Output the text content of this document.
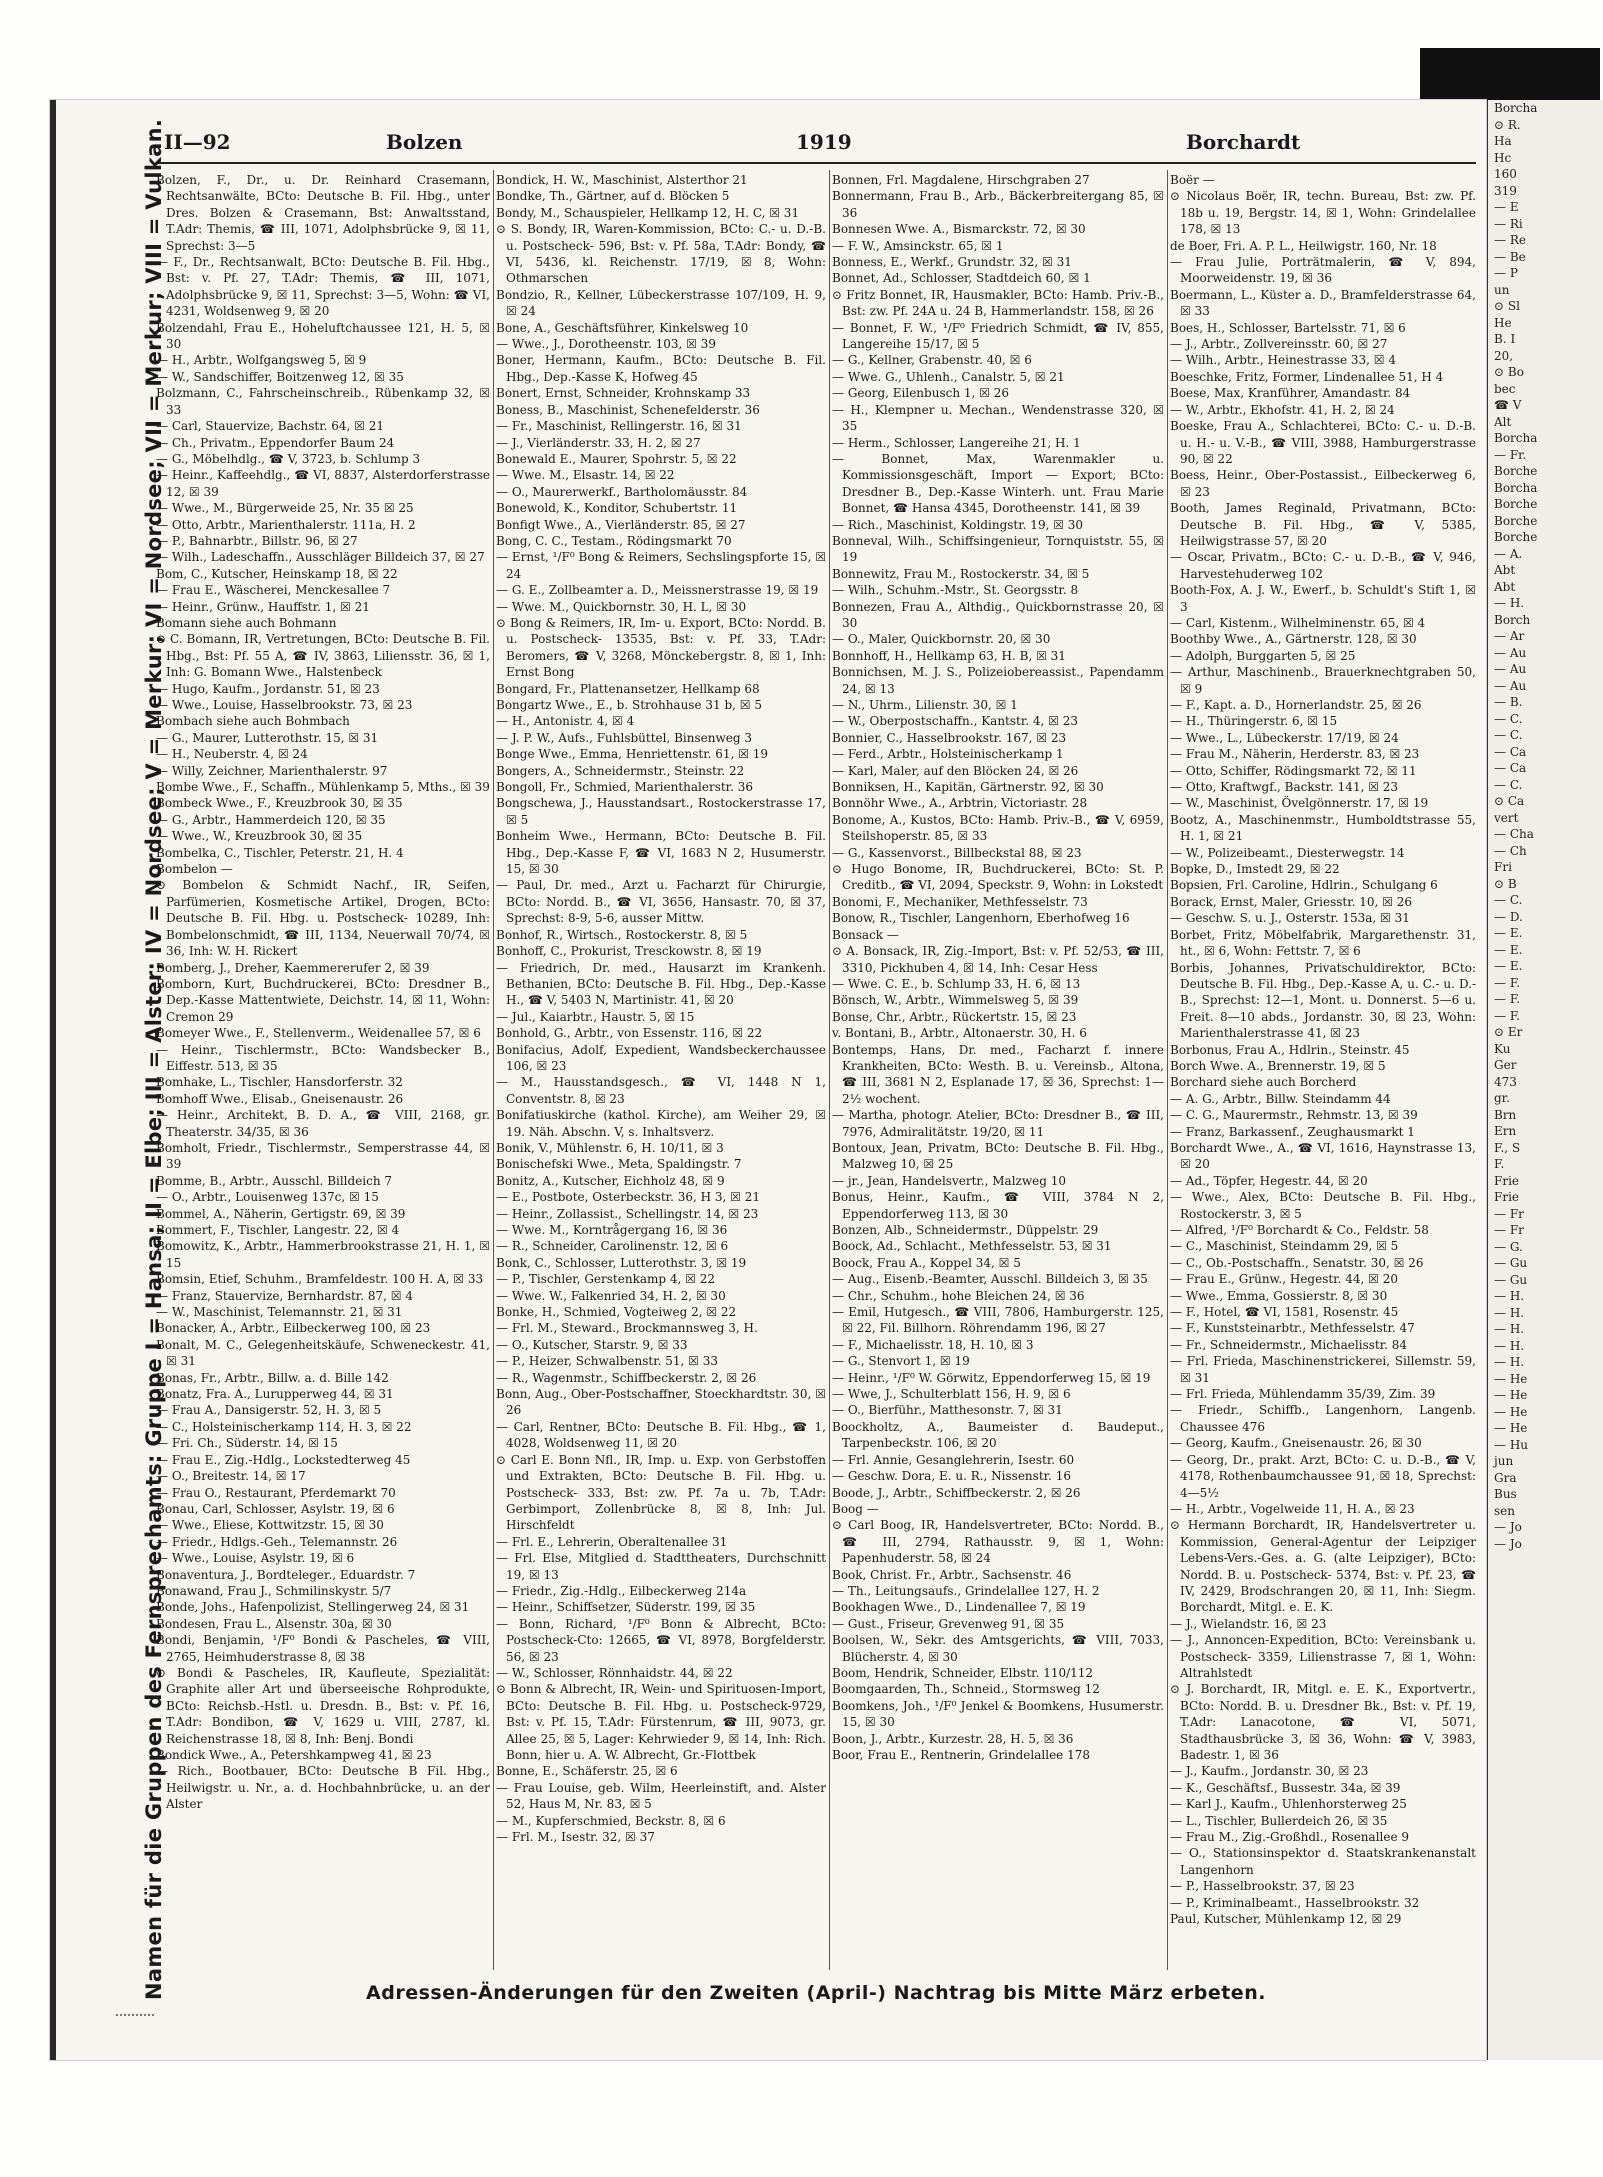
Borcha
⊙ R.
Ha
Hc
160
319
— E
— Ri
— Re
— Be
— P
un
⊙ Sl
He
B. I
20,
⊙ Bo
bec
☎ V
Alt
Borcha
— Fr.
Borche
Borcha
Borche
Borche
Borche
— A.
Abt
Abt
— H.
Borch
— Ar
— Au
— Au
— Au
— B.
— C.
— C.
— Ca
— Ca
— C.
⊙ Ca
vert
— Cha
— Ch
Fri
⊙ B
— C.
— D.
— E.
— E.
— E.
— F.
— F.
— F.
⊙ Er
Ku
Ger
473
gr.
Brn
Ern
F., S
F.
Frie
Frie
— Fr
— Fr
— G.
— Gu
— Gu
— H.
— H.
— H.
— H.
— H.
— He
— He
— He
— He
— Hu
jun
Gra
Bus
sen
— Jo
— Jo
II—92	Bolzen	1919	Borchardt
Namen für die Gruppen des Fernsprechamts: Gruppe I = Hansa; II = Elbe; III = Alster; IV = Nordsee; V = Merkur; VI = Nordsee; VII = Merkur; VIII = Vulkan.

Bolzen, F., Dr., u. Dr. Reinhard Crasemann, Rechtsanwälte, BCto: Deutsche B. Fil. Hbg., unter Dres. Bolzen & Crasemann, Bst: Anwaltsstand, T.Adr: Themis, ☎ III, 1071, Adolphsbrücke 9, ☒ 11, Sprechst: 3—5

— F., Dr., Rechtsanwalt, BCto: Deutsche B. Fil. Hbg., Bst: v. Pf. 27, T.Adr: Themis, ☎ III, 1071, Adolphsbrücke 9, ☒ 11, Sprechst: 3—5, Wohn: ☎ VI, 4231, Woldsenweg 9, ☒ 20

Bolzendahl, Frau E., Hoheluftchaussee 121, H. 5, ☒ 30

— H., Arbtr., Wolfgangsweg 5, ☒ 9

— W., Sandschiffer, Boitzenweg 12, ☒ 35

Bolzmann, C., Fahrscheinschreib., Rübenkamp 32, ☒ 33

— Carl, Stauervize, Bachstr. 64, ☒ 21

— Ch., Privatm., Eppendorfer Baum 24

— G., Möbelhdlg., ☎ V, 3723, b. Schlump 3

— Heinr., Kaffeehdlg., ☎ VI, 8837, Alsterdorferstrasse 12, ☒ 39

— Wwe., M., Bürgerweide 25, Nr. 35 ☒ 25

— Otto, Arbtr., Marienthalerstr. 111a, H. 2

— P., Bahnarbtr., Billstr. 96, ☒ 27

— Wilh., Ladeschaffn., Ausschläger Billdeich 37, ☒ 27

Bom, C., Kutscher, Heinskamp 18, ☒ 22

— Frau E., Wäscherei, Menckesallee 7

— Heinr., Grünw., Hauffstr. 1, ☒ 21

Bomann siehe auch Bohmann

⊙ C. Bomann, IR, Vertretungen, BCto: Deutsche B. Fil. Hbg., Bst: Pf. 55 A, ☎ IV, 3863, Liliensstr. 36, ☒ 1, Inh: G. Bomann Wwe., Halstenbeck

— Hugo, Kaufm., Jordanstr. 51, ☒ 23

— Wwe., Louise, Hasselbrookstr. 73, ☒ 23

Bombach siehe auch Bohmbach

— G., Maurer, Lutterothstr. 15, ☒ 31

— H., Neuberstr. 4, ☒ 24

— Willy, Zeichner, Marienthalerstr. 97

Bombe Wwe., F., Schaffn., Mühlenkamp 5, Mths., ☒ 39

Bombeck Wwe., F., Kreuzbrook 30, ☒ 35

— G., Arbtr., Hammerdeich 120, ☒ 35

— Wwe., W., Kreuzbrook 30, ☒ 35

Bombelka, C., Tischler, Peterstr. 21, H. 4

Bombelon —

⊙ Bombelon & Schmidt Nachf., IR, Seifen, Parfümerien, Kosmetische Artikel, Drogen, BCto: Deutsche B. Fil. Hbg. u. Postscheck- 10289, Inh: Bombelonschmidt, ☎ III, 1134, Neuerwall 70/74, ☒ 36, Inh: W. H. Rickert

Bomberg, J., Dreher, Kaemmererufer 2, ☒ 39

Bomborn, Kurt, Buchdruckerei, BCto: Dresdner B., Dep.-Kasse Mattentwiete, Deichstr. 14, ☒ 11, Wohn: Cremon 29

Bomeyer Wwe., F., Stellenverm., Weidenallee 57, ☒ 6

— Heinr., Tischlermstr., BCto: Wandsbecker B., Eiffestr. 513, ☒ 35

Bomhake, L., Tischler, Hansdorferstr. 32

Bomhoff Wwe., Elisab., Gneisenaustr. 26

— Heinr., Architekt, B. D. A., ☎ VIII, 2168, gr. Theaterstr. 34/35, ☒ 36

Bomholt, Friedr., Tischlermstr., Semperstrasse 44, ☒ 39

Bomme, B., Arbtr., Ausschl. Billdeich 7

— O., Arbtr., Louisenweg 137c, ☒ 15

Bommel, A., Näherin, Gertigstr. 69, ☒ 39

Bommert, F., Tischler, Langestr. 22, ☒ 4

Bomowitz, K., Arbtr., Hammerbrookstrasse 21, H. 1, ☒ 15

Bomsin, Etief, Schuhm., Bramfeldestr. 100 H. A, ☒ 33

— Franz, Stauervize, Bernhardstr. 87, ☒ 4

— W., Maschinist, Telemannstr. 21, ☒ 31

Bonacker, A., Arbtr., Eilbeckerweg 100, ☒ 23

Bonalt, M. C., Gelegenheitskäufe, Schweneckestr. 41, ☒ 31

Bonas, Fr., Arbtr., Billw. a. d. Bille 142

Bonatz, Fra. A., Lurupperweg 44, ☒ 31

— Frau A., Dansigerstr. 52, H. 3, ☒ 5

— C., Holsteinischerkamp 114, H. 3, ☒ 22

— Fri. Ch., Süderstr. 14, ☒ 15

— Frau E., Zig.-Hdlg., Lockstedterweg 45

— O., Breitestr. 14, ☒ 17

— Frau O., Restaurant, Pferdemarkt 70

Bonau, Carl, Schlosser, Asylstr. 19, ☒ 6

— Wwe., Eliese, Kottwitzstr. 15, ☒ 30

— Friedr., Hdlgs.-Geh., Telemannstr. 26

— Wwe., Louise, Asylstr. 19, ☒ 6

Bonaventura, J., Bordteleger., Eduardstr. 7

Bonawand, Frau J., Schmilinskystr. 5/7

Bonde, Johs., Hafenpolizist, Stellingerweg 24, ☒ 31

Bondesen, Frau L., Alsenstr. 30a, ☒ 30

Bondi, Benjamin, ¹/F⁰ Bondi & Pascheles, ☎ VIII, 2765, Heimhuderstrasse 8, ☒ 38

⊙ Bondi & Pascheles, IR, Kaufleute, Spezialität: Graphite aller Art und überseeische Rohprodukte, BCto: Reichsb.-Hstl. u. Dresdn. B., Bst: v. Pf. 16, T.Adr: Bondibon, ☎ V, 1629 u. VIII, 2787, kl. Reichenstrasse 18, ☒ 8, Inh: Benj. Bondi

Bondick Wwe., A., Petershkampweg 41, ☒ 23

— Rich., Bootbauer, BCto: Deutsche B Fil. Hbg., Heilwigstr. u. Nr., a. d. Hochbahnbrücke, u. an der Alster

Bondick, H. W., Maschinist, Alsterthor 21

Bondke, Th., Gärtner, auf d. Blöcken 5

Bondy, M., Schauspieler, Hellkamp 12, H. C, ☒ 31

⊙ S. Bondy, IR, Waren-Kommission, BCto: C.- u. D.-B. u. Postscheck- 596, Bst: v. Pf. 58a, T.Adr: Bondy, ☎ VI, 5436, kl. Reichenstr. 17/19, ☒ 8, Wohn: Othmarschen

Bondzio, R., Kellner, Lübeckerstrasse 107/109, H. 9, ☒ 24

Bone, A., Geschäftsführer, Kinkelsweg 10

— Wwe., J., Dorotheenstr. 103, ☒ 39

Boner, Hermann, Kaufm., BCto: Deutsche B. Fil. Hbg., Dep.-Kasse K, Hofweg 45

Bonert, Ernst, Schneider, Krohnskamp 33

Boness, B., Maschinist, Schenefelderstr. 36

— Fr., Maschinist, Rellingerstr. 16, ☒ 31

— J., Vierländerstr. 33, H. 2, ☒ 27

Bonewald E., Maurer, Spohrstr. 5, ☒ 22

— Wwe. M., Elsastr. 14, ☒ 22

— O., Maurerwerkf., Bartholomäusstr. 84

Bonewold, K., Konditor, Schubertstr. 11

Bonfigt Wwe., A., Vierländerstr. 85, ☒ 27

Bong, C. C., Testam., Rödingsmarkt 70

— Ernst, ¹/F⁰ Bong & Reimers, Sechslingspforte 15, ☒ 24

— G. E., Zollbeamter a. D., Meissnerstrasse 19, ☒ 19

— Wwe. M., Quickbornstr. 30, H. L, ☒ 30

⊙ Bong & Reimers, IR, Im- u. Export, BCto: Nordd. B. u. Postscheck- 13535, Bst: v. Pf. 33, T.Adr: Beromers, ☎ V, 3268, Mönckebergstr. 8, ☒ 1, Inh: Ernst Bong

Bongard, Fr., Plattenansetzer, Hellkamp 68

Bongartz Wwe., E., b. Strohhause 31 b, ☒ 5

— H., Antonistr. 4, ☒ 4

— J. P. W., Aufs., Fuhlsbüttel, Binsenweg 3

Bonge Wwe., Emma, Henriettenstr. 61, ☒ 19

Bongers, A., Schneidermstr., Steinstr. 22

Bongoll, Fr., Schmied, Marienthalerstr. 36

Bongschewa, J., Hausstandsart., Rostockerstrasse 17, ☒ 5

Bonheim Wwe., Hermann, BCto: Deutsche B. Fil. Hbg., Dep.-Kasse F, ☎ VI, 1683 N 2, Husumerstr. 15, ☒ 30

— Paul, Dr. med., Arzt u. Facharzt für Chirurgie, BCto: Nordd. B., ☎ VI, 3656, Hansastr. 70, ☒ 37, Sprechst: 8-9, 5-6, ausser Mittw.

Bonhof, R., Wirtsch., Rostockerstr. 8, ☒ 5

Bonhoff, C., Prokurist, Tresckowstr. 8, ☒ 19

— Friedrich, Dr. med., Hausarzt im Krankenh. Bethanien, BCto: Deutsche B. Fil. Hbg., Dep.-Kasse H., ☎ V, 5403 N, Martinistr. 41, ☒ 20

— Jul., Kaiarbtr., Haustr. 5, ☒ 15

Bonhold, G., Arbtr., von Essenstr. 116, ☒ 22

Bonifacius, Adolf, Expedient, Wandsbeckerchaussee 106, ☒ 23

— M., Hausstandsgesch., ☎ VI, 1448 N 1, Conventstr. 8, ☒ 23

Bonifatiuskirche (kathol. Kirche), am Weiher 29, ☒ 19. Näh. Abschn. V, s. Inhaltsverz.

Bonik, V., Mühlenstr. 6, H. 10/11, ☒ 3

Bonischefski Wwe., Meta, Spaldingstr. 7

Bonitz, A., Kutscher, Eichholz 48, ☒ 9

— E., Postbote, Osterbeckstr. 36, H 3, ☒ 21

— Heinr., Zollassist., Schellingstr. 14, ☒ 23

— Wwe. M., Korntrågergang 16, ☒ 36

— R., Schneider, Carolinenstr. 12, ☒ 6

Bonk, C., Schlosser, Lutterothstr. 3, ☒ 19

— P., Tischler, Gerstenkamp 4, ☒ 22

— Wwe. W., Falkenried 34, H. 2, ☒ 30

Bonke, H., Schmied, Vogteiweg 2, ☒ 22

— Frl. M., Steward., Brockmannsweg 3, H.

— O., Kutscher, Starstr. 9, ☒ 33

— P., Heizer, Schwalbenstr. 51, ☒ 33

— R., Wagenmstr., Schiffbeckerstr. 2, ☒ 26

Bonn, Aug., Ober-Postschaffner, Stoeckhardtstr. 30, ☒ 26

— Carl, Rentner, BCto: Deutsche B. Fil. Hbg., ☎ 1, 4028, Woldsenweg 11, ☒ 20

⊙ Carl E. Bonn Nfl., IR, Imp. u. Exp. von Gerbstoffen und Extrakten, BCto: Deutsche B. Fil. Hbg. u. Postscheck- 333, Bst: zw. Pf. 7a u. 7b, T.Adr: Gerbimport, Zollenbrücke 8, ☒ 8, Inh: Jul. Hirschfeldt

— Frl. E., Lehrerin, Oberaltenallee 31

— Frl. Else, Mitglied d. Stadttheaters, Durchschnitt 19, ☒ 13

— Friedr., Zig.-Hdlg., Eilbeckerweg 214a

— Heinr., Schiffsetzer, Süderstr. 199, ☒ 35

— Bonn, Richard, ¹/F⁰ Bonn & Albrecht, BCto: Postscheck-Cto: 12665, ☎ VI, 8978, Borgfelderstr. 56, ☒ 23

— W., Schlosser, Rönnhaidstr. 44, ☒ 22

⊙ Bonn & Albrecht, IR, Wein- und Spirituosen-Import, BCto: Deutsche B. Fil. Hbg. u. Postscheck-9729, Bst: v. Pf. 15, T.Adr: Fürstenrum, ☎ III, 9073, gr. Allee 25, ☒ 5, Lager: Kehrwieder 9, ☒ 14, Inh: Rich. Bonn, hier u. A. W. Albrecht, Gr.-Flottbek

Bonne, E., Schäferstr. 25, ☒ 6

— Frau Louise, geb. Wilm, Heerleinstift, and. Alster 52, Haus M, Nr. 83, ☒ 5

— M., Kupferschmied, Beckstr. 8, ☒ 6

— Frl. M., Isestr. 32, ☒ 37

Bonnen, Frl. Magdalene, Hirschgraben 27

Bonnermann, Frau B., Arb., Bäckerbreitergang 85, ☒ 36

Bonnesen Wwe. A., Bismarckstr. 72, ☒ 30

— F. W., Amsinckstr. 65, ☒ 1

Bonness, E., Werkf., Grundstr. 32, ☒ 31

Bonnet, Ad., Schlosser, Stadtdeich 60, ☒ 1

⊙ Fritz Bonnet, IR, Hausmakler, BCto: Hamb. Priv.-B., Bst: zw. Pf. 24A u. 24 B, Hammerlandstr. 158, ☒ 26

— Bonnet, F. W., ¹/F⁰ Friedrich Schmidt, ☎ IV, 855, Langereihe 15/17, ☒ 5

— G., Kellner, Grabenstr. 40, ☒ 6

— Wwe. G., Uhlenh., Canalstr. 5, ☒ 21

— Georg, Eilenbusch 1, ☒ 26

— H., Klempner u. Mechan., Wendenstrasse 320, ☒ 35

— Herm., Schlosser, Langereihe 21, H. 1

— Bonnet, Max, Warenmakler u. Kommissionsgeschäft, Import — Export, BCto: Dresdner B., Dep.-Kasse Winterh. unt. Frau Marie Bonnet, ☎ Hansa 4345, Dorotheenstr. 141, ☒ 39

— Rich., Maschinist, Koldingstr. 19, ☒ 30

Bonneval, Wilh., Schiffsingenieur, Tornquiststr. 55, ☒ 19

Bonnewitz, Frau M., Rostockerstr. 34, ☒ 5

— Wilh., Schuhm.-Mstr., St. Georgsstr. 8

Bonnezen, Frau A., Althdig., Quickbornstrasse 20, ☒ 30

— O., Maler, Quickbornstr. 20, ☒ 30

Bonnhoff, H., Hellkamp 63, H. B, ☒ 31

Bonnichsen, M. J. S., Polizeiobereassist., Papendamm 24, ☒ 13

— N., Uhrm., Lilienstr. 30, ☒ 1

— W., Oberpostschaffn., Kantstr. 4, ☒ 23

Bonnier, C., Hasselbrookstr. 167, ☒ 23

— Ferd., Arbtr., Holsteinischerkamp 1

— Karl, Maler, auf den Blöcken 24, ☒ 26

Bonniksen, H., Kapitän, Gärtnerstr. 92, ☒ 30

Bonnöhr Wwe., A., Arbtrin, Victoriastr. 28

Bonome, A., Kustos, BCto: Hamb. Priv.-B., ☎ V, 6959, Steilshoperstr. 85, ☒ 33

— G., Kassenvorst., Billbeckstal 88, ☒ 23

⊙ Hugo Bonome, IR, Buchdruckerei, BCto: St. P. Creditb., ☎ VI, 2094, Speckstr. 9, Wohn: in Lokstedt

Bonomi, F., Mechaniker, Methfesselstr. 73

Bonow, R., Tischler, Langenhorn, Eberhofweg 16

Bonsack —

⊙ A. Bonsack, IR, Zig.-Import, Bst: v. Pf. 52/53, ☎ III, 3310, Pickhuben 4, ☒ 14, Inh: Cesar Hess

— Wwe. C. E., b. Schlump 33, H. 6, ☒ 13

Bönsch, W., Arbtr., Wimmelsweg 5, ☒ 39

Bonse, Chr., Arbtr., Rückertstr. 15, ☒ 23

v. Bontani, B., Arbtr., Altonaerstr. 30, H. 6

Bontemps, Hans, Dr. med., Facharzt f. innere Krankheiten, BCto: Westh. B. u. Vereinsb., Altona, ☎ III, 3681 N 2, Esplanade 17, ☒ 36, Sprechst: 1—2½ wochent.

— Martha, photogr. Atelier, BCto: Dresdner B., ☎ III, 7976, Admiralitätstr. 19/20, ☒ 11

Bontoux, Jean, Privatm, BCto: Deutsche B. Fil. Hbg., Malzweg 10, ☒ 25

— jr., Jean, Handelsvertr., Malzweg 10

Bonus, Heinr., Kaufm., ☎ VIII, 3784 N 2, Eppendorferweg 113, ☒ 30

Bonzen, Alb., Schneidermstr., Düppelstr. 29

Boock, Ad., Schlacht., Methfesselstr. 53, ☒ 31

Boock, Frau A., Koppel 34, ☒ 5

— Aug., Eisenb.-Beamter, Ausschl. Billdeich 3, ☒ 35

— Chr., Schuhm., hohe Bleichen 24, ☒ 36

— Emil, Hutgesch., ☎ VIII, 7806, Hamburgerstr. 125, ☒ 22, Fil. Billhorn. Röhrendamm 196, ☒ 27

— F., Michaelisstr. 18, H. 10, ☒ 3

— G., Stenvort 1, ☒ 19

— Heinr., ¹/F⁰ W. Görwitz, Eppendorferweg 15, ☒ 19

— Wwe, J., Schulterblatt 156, H. 9, ☒ 6

— O., Bierführ., Matthesonstr. 7, ☒ 31

Boockholtz, A., Baumeister d. Baudeput., Tarpenbeckstr. 106, ☒ 20

— Frl. Annie, Gesanglehrerin, Isestr. 60

— Geschw. Dora, E. u. R., Nissenstr. 16

Boode, J., Arbtr., Schiffbeckerstr. 2, ☒ 26

Boog —

⊙ Carl Boog, IR, Handelsvertreter, BCto: Nordd. B., ☎ III, 2794, Rathausstr. 9, ☒ 1, Wohn: Papenhuderstr. 58, ☒ 24

Book, Christ. Fr., Arbtr., Sachsenstr. 46

— Th., Leitungsaufs., Grindelallee 127, H. 2

Bookhagen Wwe., D., Lindenallee 7, ☒ 19

— Gust., Friseur, Grevenweg 91, ☒ 35

Boolsen, W., Sekr. des Amtsgerichts, ☎ VIII, 7033, Blücherstr. 4, ☒ 30

Boom, Hendrik, Schneider, Elbstr. 110/112

Boomgaarden, Th., Schneid., Stormsweg 12

Boomkens, Joh., ¹/F⁰ Jenkel & Boomkens, Husumerstr. 15, ☒ 30

Boon, J., Arbtr., Kurzestr. 28, H. 5, ☒ 36

Boor, Frau E., Rentnerin, Grindelallee 178

Boër —

⊙ Nicolaus Boër, IR, techn. Bureau, Bst: zw. Pf. 18b u. 19, Bergstr. 14, ☒ 1, Wohn: Grindelallee 178, ☒ 13

de Boer, Fri. A. P. L., Heilwigstr. 160, Nr. 18

— Frau Julie, Porträtmalerin, ☎ V, 894, Moorweidenstr. 19, ☒ 36

Boermann, L., Küster a. D., Bramfelderstrasse 64, ☒ 33

Boes, H., Schlosser, Bartelsstr. 71, ☒ 6

— J., Arbtr., Zollvereinsstr. 60, ☒ 27

— Wilh., Arbtr., Heinestrasse 33, ☒ 4

Boeschke, Fritz, Former, Lindenallee 51, H 4

Boese, Max, Kranführer, Amandastr. 84

— W., Arbtr., Ekhofstr. 41, H. 2, ☒ 24

Boeske, Frau A., Schlachterei, BCto: C.- u. D.-B. u. H.- u. V.-B., ☎ VIII, 3988, Hamburgerstrasse 90, ☒ 22

Boess, Heinr., Ober-Postassist., Eilbeckerweg 6, ☒ 23

Booth, James Reginald, Privatmann, BCto: Deutsche B. Fil. Hbg., ☎ V, 5385, Heilwigstrasse 57, ☒ 20

— Oscar, Privatm., BCto: C.- u. D.-B., ☎ V, 946, Harvestehuderweg 102

Booth-Fox, A. J. W., Ewerf., b. Schuldt's Stift 1, ☒ 3

— Carl, Kistenm., Wilhelminenstr. 65, ☒ 4

Boothby Wwe., A., Gärtnerstr. 128, ☒ 30

— Adolph, Burggarten 5, ☒ 25

— Arthur, Maschinenb., Brauerknechtgraben 50, ☒ 9

— F., Kapt. a. D., Hornerlandstr. 25, ☒ 26

— H., Thüringerstr. 6, ☒ 15

— Wwe., L., Lübeckerstr. 17/19, ☒ 24

— Frau M., Näherin, Herderstr. 83, ☒ 23

— Otto, Schiffer, Rödingsmarkt 72, ☒ 11

— Otto, Kraftwgf., Backstr. 141, ☒ 23

— W., Maschinist, Övelgönnerstr. 17, ☒ 19

Bootz, A., Maschinenmstr., Humboldtstrasse 55, H. 1, ☒ 21

— W., Polizeibeamt., Diesterwegstr. 14

Bopke, D., Imstedt 29, ☒ 22

Bopsien, Frl. Caroline, Hdlrin., Schulgang 6

Borack, Ernst, Maler, Griesstr. 10, ☒ 26

— Geschw. S. u. J., Osterstr. 153a, ☒ 31

Borbet, Fritz, Möbelfabrik, Margarethenstr. 31, ht., ☒ 6, Wohn: Fettstr. 7, ☒ 6

Borbis, Johannes, Privatschuldirektor, BCto: Deutsche B. Fil. Hbg., Dep.-Kasse A, u. C.- u. D.-B., Sprechst: 12—1, Mont. u. Donnerst. 5—6 u. Freit. 8—10 abds., Jordanstr. 30, ☒ 23, Wohn: Marienthalerstrasse 41, ☒ 23

Borbonus, Frau A., Hdlrin., Steinstr. 45

Borch Wwe. A., Brennerstr. 19, ☒ 5

Borchard siehe auch Borcherd

— A. G., Arbtr., Billw. Steindamm 44

— C. G., Maurermstr., Rehmstr. 13, ☒ 39

— Franz, Barkassenf., Zeughausmarkt 1

Borchardt Wwe., A., ☎ VI, 1616, Haynstrasse 13, ☒ 20

— Ad., Töpfer, Hegestr. 44, ☒ 20

— Wwe., Alex, BCto: Deutsche B. Fil. Hbg., Rostockerstr. 3, ☒ 5

— Alfred, ¹/F⁰ Borchardt & Co., Feldstr. 58

— C., Maschinist, Steindamm 29, ☒ 5

— C., Ob.-Postschaffn., Senatstr. 30, ☒ 26

— Frau E., Grünw., Hegestr. 44, ☒ 20

— Wwe., Emma, Gossierstr. 8, ☒ 30

— F., Hotel, ☎ VI, 1581, Rosenstr. 45

— F., Kunststeinarbtr., Methfesselstr. 47

— Fr., Schneidermstr., Michaelisstr. 84

— Frl. Frieda, Maschinenstrickerei, Sillemstr. 59, ☒ 31

— Frl. Frieda, Mühlendamm 35/39, Zim. 39

— Friedr., Schiffb., Langenhorn, Langenb. Chaussee 476

— Georg, Kaufm., Gneisenaustr. 26, ☒ 30

— Georg, Dr., prakt. Arzt, BCto: C. u. D.-B., ☎ V, 4178, Rothenbaumchaussee 91, ☒ 18, Sprechst: 4—5½

— H., Arbtr., Vogelweide 11, H. A., ☒ 23

⊙ Hermann Borchardt, IR, Handelsvertreter u. Kommission, General-Agentur der Leipziger Lebens-Vers.-Ges. a. G. (alte Leipziger), BCto: Nordd. B. u. Postscheck- 5374, Bst: v. Pf. 23, ☎ IV, 2429, Brodschrangen 20, ☒ 11, Inh: Siegm. Borchardt, Mitgl. e. E. K.

— J., Wielandstr. 16, ☒ 23

— J., Annoncen-Expedition, BCto: Vereinsbank u. Postscheck- 3359, Lilienstrasse 7, ☒ 1, Wohn: Altrahlstedt

⊙ J. Borchardt, IR, Mitgl. e. E. K., Exportvertr., BCto: Nordd. B. u. Dresdner Bk., Bst: v. Pf. 19, T.Adr: Lanacotone, ☎ VI, 5071, Stadthausbrücke 3, ☒ 36, Wohn: ☎ V, 3983, Badestr. 1, ☒ 36

— J., Kaufm., Jordanstr. 30, ☒ 23

— K., Geschäftsf., Bussestr. 34a, ☒ 39

— Karl J., Kaufm., Uhlenhorsterweg 25

— L., Tischler, Bullerdeich 26, ☒ 35

— Frau M., Zig.-Großhdl., Rosenallee 9

— O., Stationsinspektor d. Staatskrankenanstalt Langenhorn

— P., Hasselbrookstr. 37, ☒ 23

— P., Kriminalbeamt., Hasselbrookstr. 32

Paul, Kutscher, Mühlenkamp 12, ☒ 29

Adressen-Änderungen für den Zweiten (April-) Nachtrag bis Mitte März erbeten.
